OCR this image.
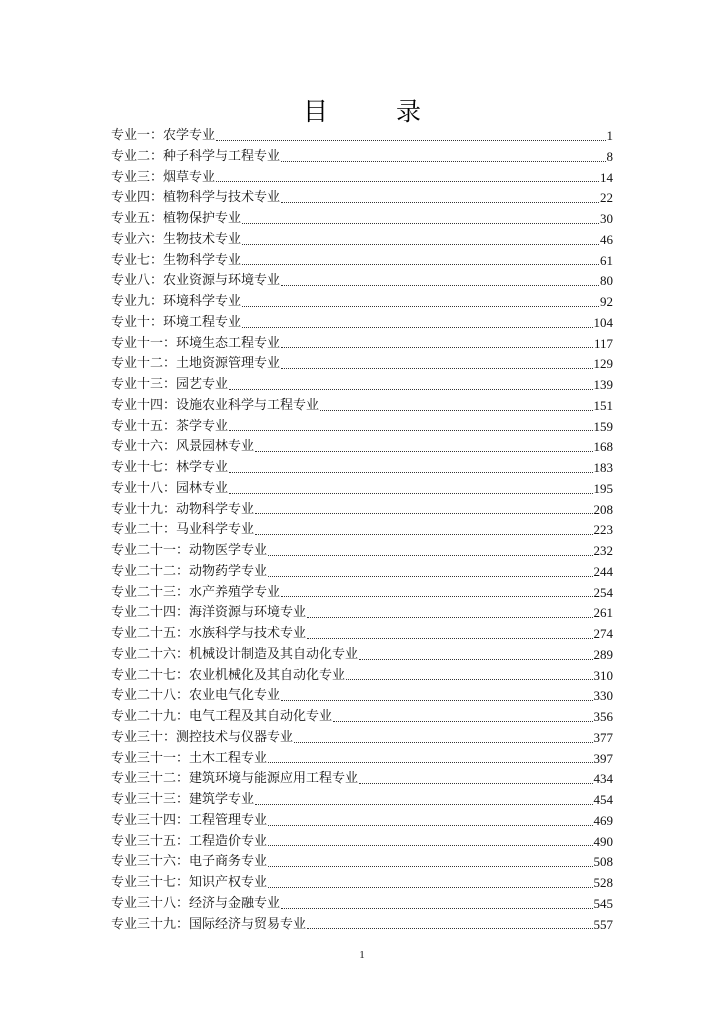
目 录
专业一：农学专业	1
专业二：种子科学与工程专业	8
专业三：烟草专业	14
专业四：植物科学与技术专业	22
专业五：植物保护专业	30
专业六：生物技术专业	46
专业七：生物科学专业	61
专业八：农业资源与环境专业	80
专业九：环境科学专业	92
专业十：环境工程专业	104
专业十一：环境生态工程专业	117
专业十二：土地资源管理专业	129
专业十三：园艺专业	139
专业十四：设施农业科学与工程专业	151
专业十五：茶学专业	159
专业十六：风景园林专业	168
专业十七：林学专业	183
专业十八：园林专业	195
专业十九：动物科学专业	208
专业二十：马业科学专业	223
专业二十一：动物医学专业	232
专业二十二：动物药学专业	244
专业二十三：水产养殖学专业	254
专业二十四：海洋资源与环境专业	261
专业二十五：水族科学与技术专业	274
专业二十六：机械设计制造及其自动化专业	289
专业二十七：农业机械化及其自动化专业	310
专业二十八：农业电气化专业	330
专业二十九：电气工程及其自动化专业	356
专业三十：测控技术与仪器专业	377
专业三十一：土木工程专业	397
专业三十二：建筑环境与能源应用工程专业	434
专业三十三：建筑学专业	454
专业三十四：工程管理专业	469
专业三十五：工程造价专业	490
专业三十六：电子商务专业	508
专业三十七：知识产权专业	528
专业三十八：经济与金融专业	545
专业三十九：国际经济与贸易专业	557
1
